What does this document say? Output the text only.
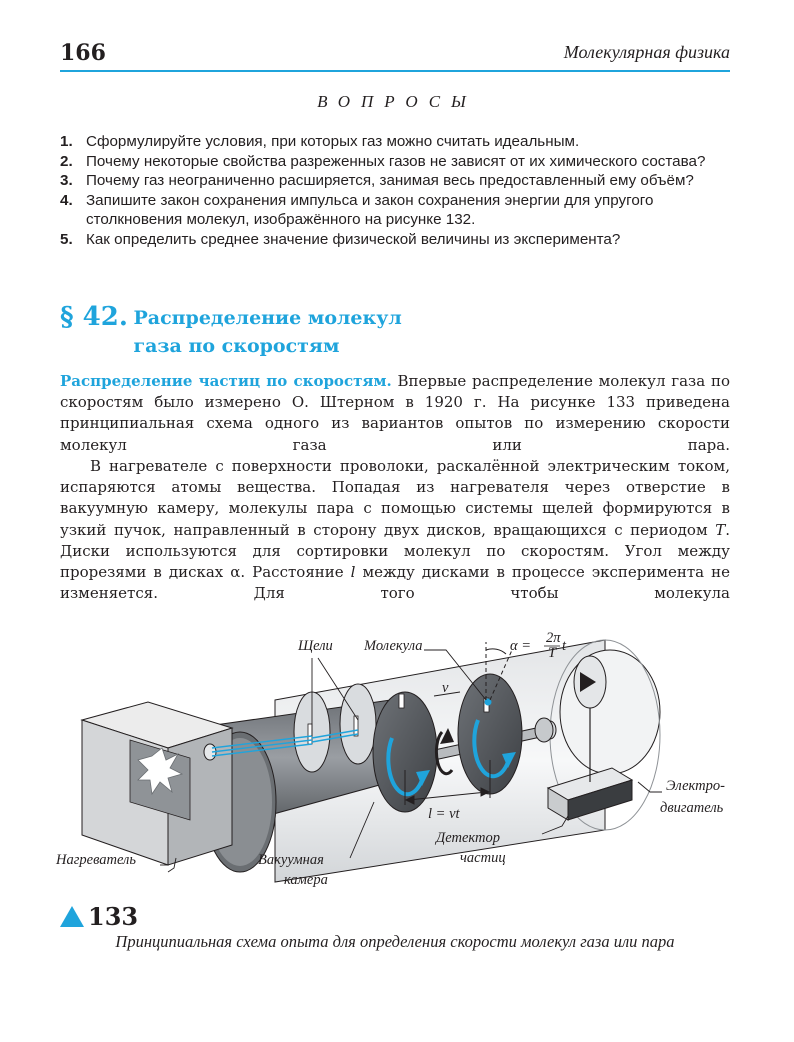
166	Молекулярная физика
ВОПРОСЫ
1. Сформулируйте условия, при которых газ можно считать идеальным.
2. Почему некоторые свойства разреженных газов не зависят от их химического состава?
3. Почему газ неограниченно расширяется, занимая весь предоставленный ему объём?
4. Запишите закон сохранения импульса и закон сохранения энергии для упругого столкновения молекул, изображённого на рисунке 132.
5. Как определить среднее значение физической величины из эксперимента?
§ 42. Распределение молекул газа по скоростям

Распределение частиц по скоростям. Впервые распределение молекул газа по скоростям было измерено О. Штерном в 1920 г. На рисунке 133 приведена принципиальная схема одного из вариантов опытов по измерению скорости молекул газа или пара.

В нагревателе с поверхности проволоки, раскалённой электрическим током, испаряются атомы вещества. Попадая из нагревателя через отверстие в вакуумную камеру, молекулы пара с помощью системы щелей формируются в узкий пучок, направленный в сторону двух дисков, вращающихся с периодом T. Диски используются для сортировки молекул по скоростям. Угол между прорезями в дисках α. Расстояние l между дисками в процессе эксперимента не изменяется. Для того чтобы молекула

Щели Молекула	α = 2π
T t
v
l = vt
Электро-
двигатель
Детектор
частиц
Нагреватель	Вакуумная
камера
133
Принципиальная схема опыта для определения скорости молекул газа или пара
